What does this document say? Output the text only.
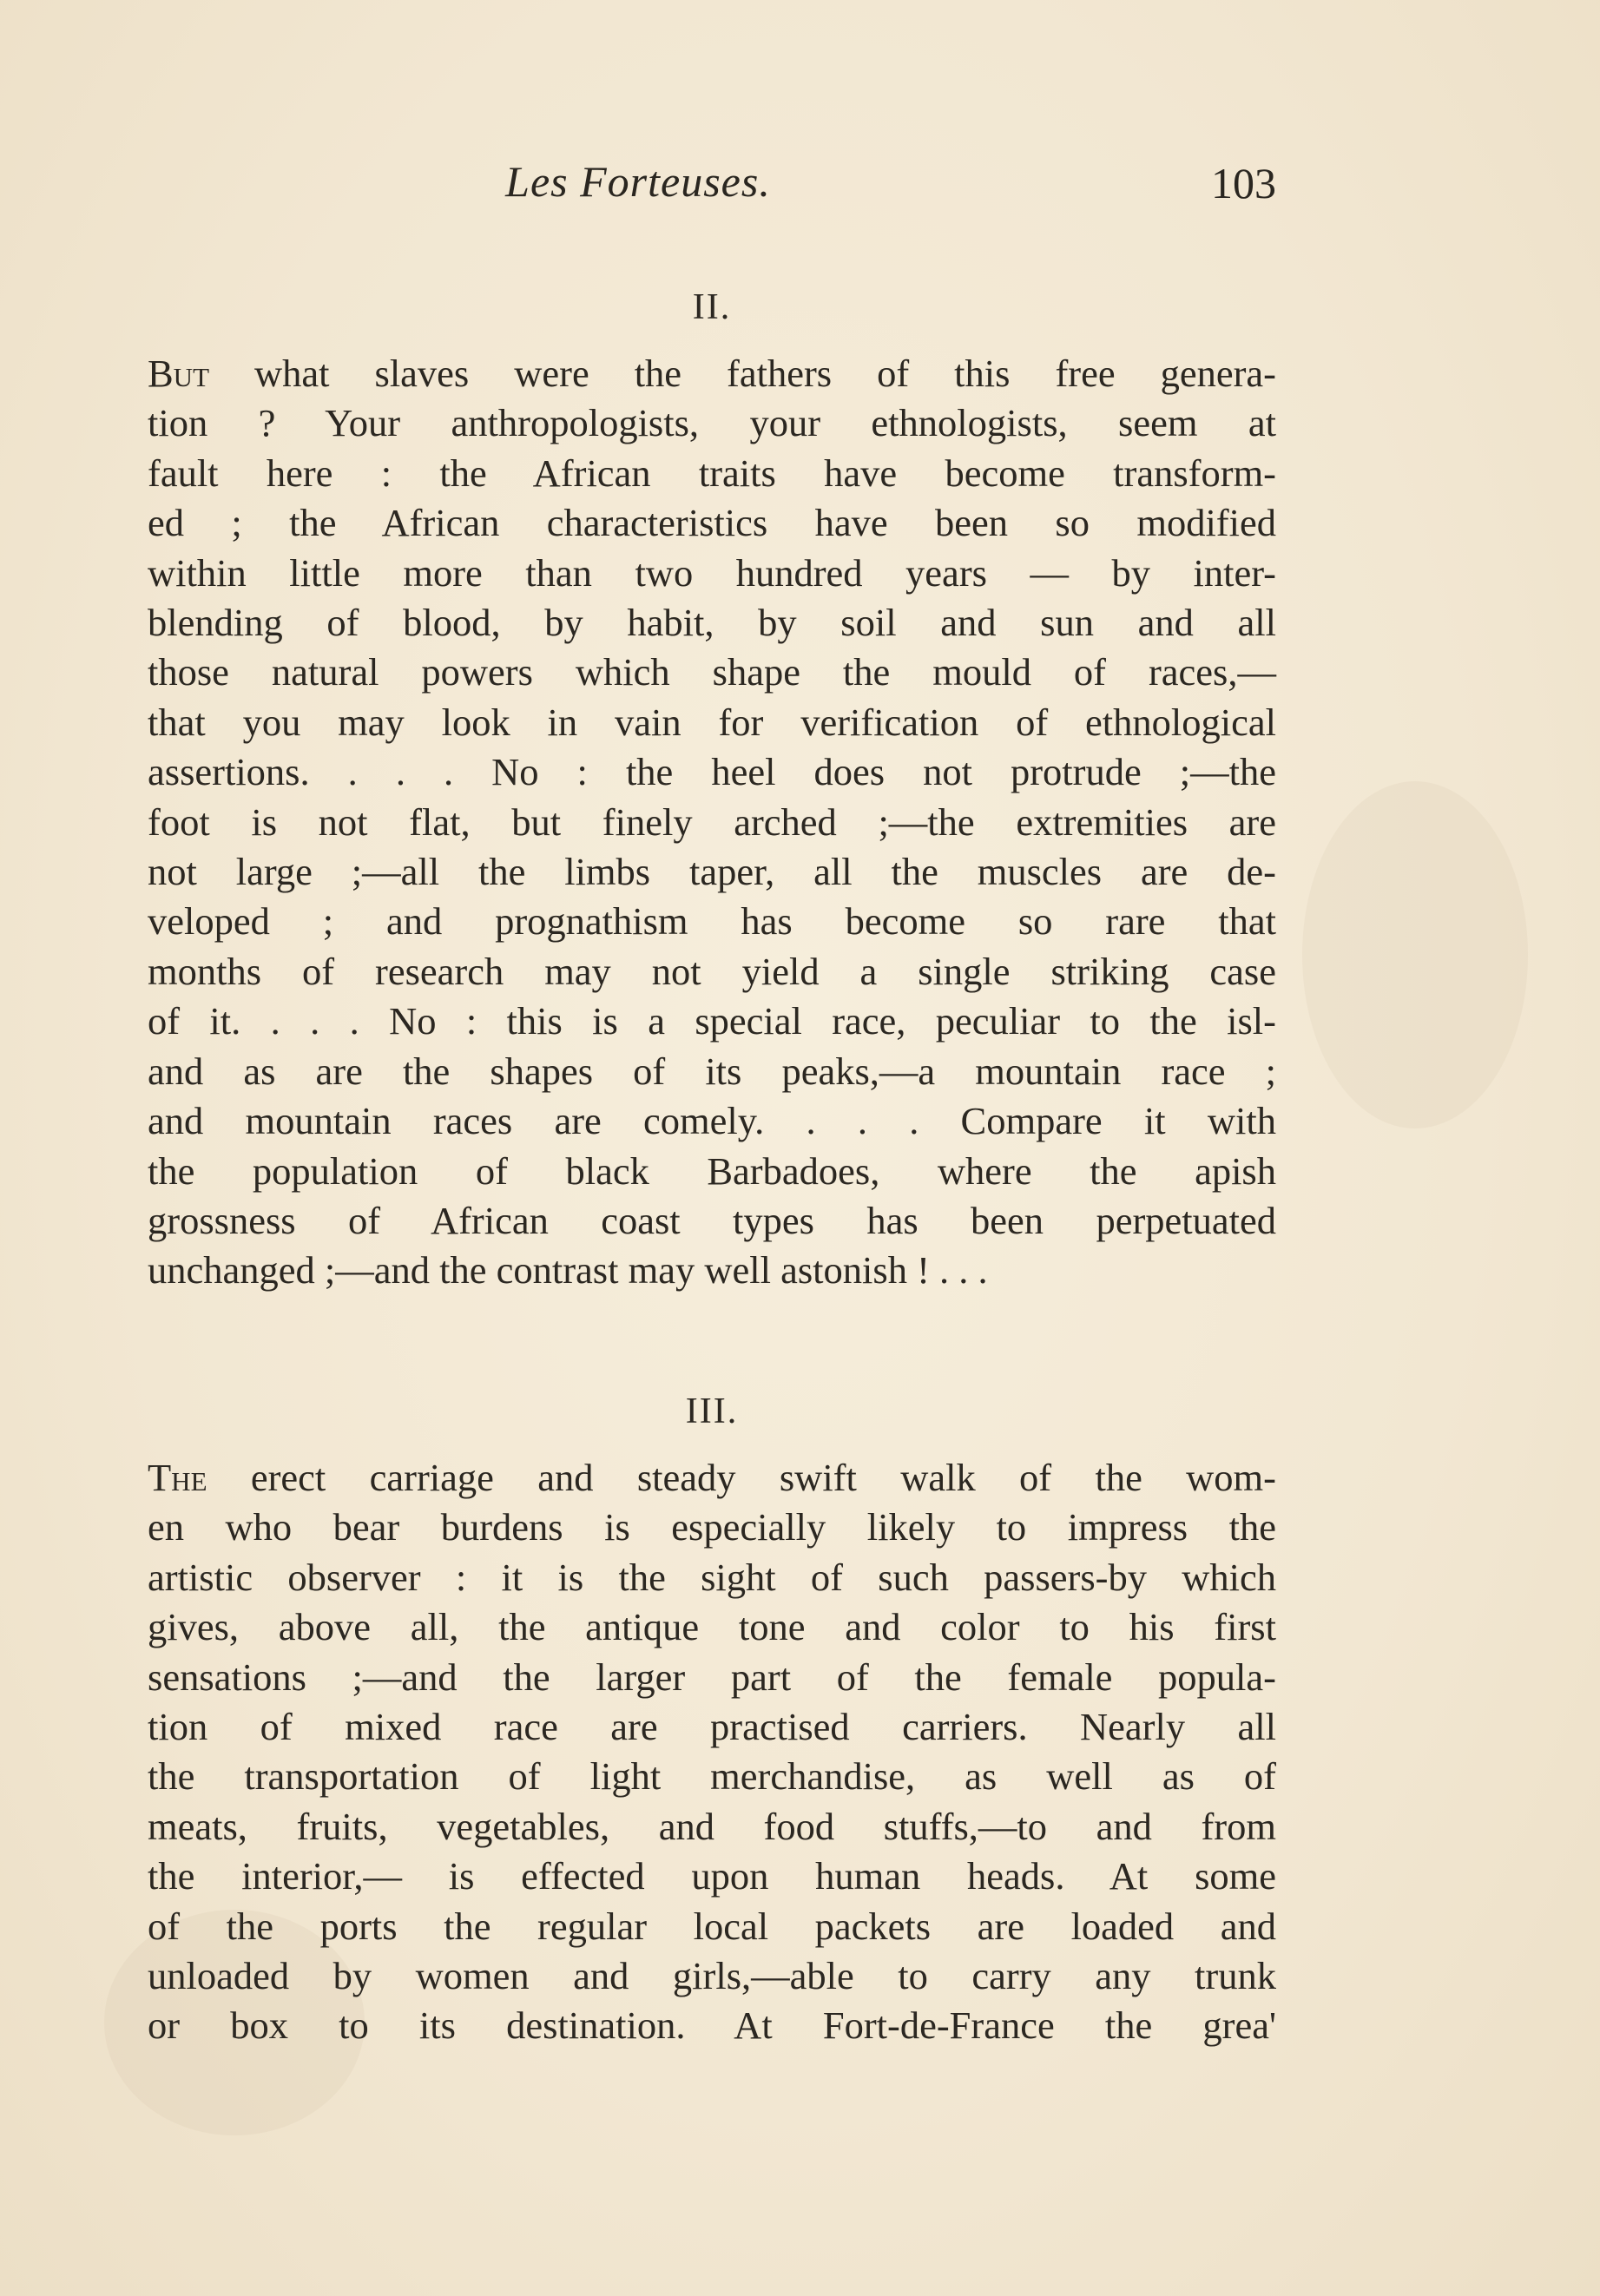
Les Forteuses.	103
II.
But what slaves were the fathers of this free genera-
tion ? Your anthropologists, your ethnologists, seem at
fault here : the African traits have become transform-
ed ; the African characteristics have been so modified
within little more than two hundred years — by inter-
blending of blood, by habit, by soil and sun and all
those natural powers which shape the mould of races,—
that you may look in vain for verification of ethnological
assertions. . . . No : the heel does not protrude ;—the
foot is not flat, but finely arched ;—the extremities are
not large ;—all the limbs taper, all the muscles are de-
veloped ; and prognathism has become so rare that
months of research may not yield a single striking case
of it. . . . No : this is a special race, peculiar to the isl-
and as are the shapes of its peaks,—a mountain race ;
and mountain races are comely. . . . Compare it with
the population of black Barbadoes, where the apish
grossness of African coast types has been perpetuated
unchanged ;—and the contrast may well astonish ! . . .
III.
The erect carriage and steady swift walk of the wom-
en who bear burdens is especially likely to impress the
artistic observer : it is the sight of such passers-by which
gives, above all, the antique tone and color to his first
sensations ;—and the larger part of the female popula-
tion of mixed race are practised carriers. Nearly all
the transportation of light merchandise, as well as of
meats, fruits, vegetables, and food stuffs,—to and from
the interior,— is effected upon human heads. At some
of the ports the regular local packets are loaded and
unloaded by women and girls,—able to carry any trunk
or box to its destination. At Fort-de-France the grea'
